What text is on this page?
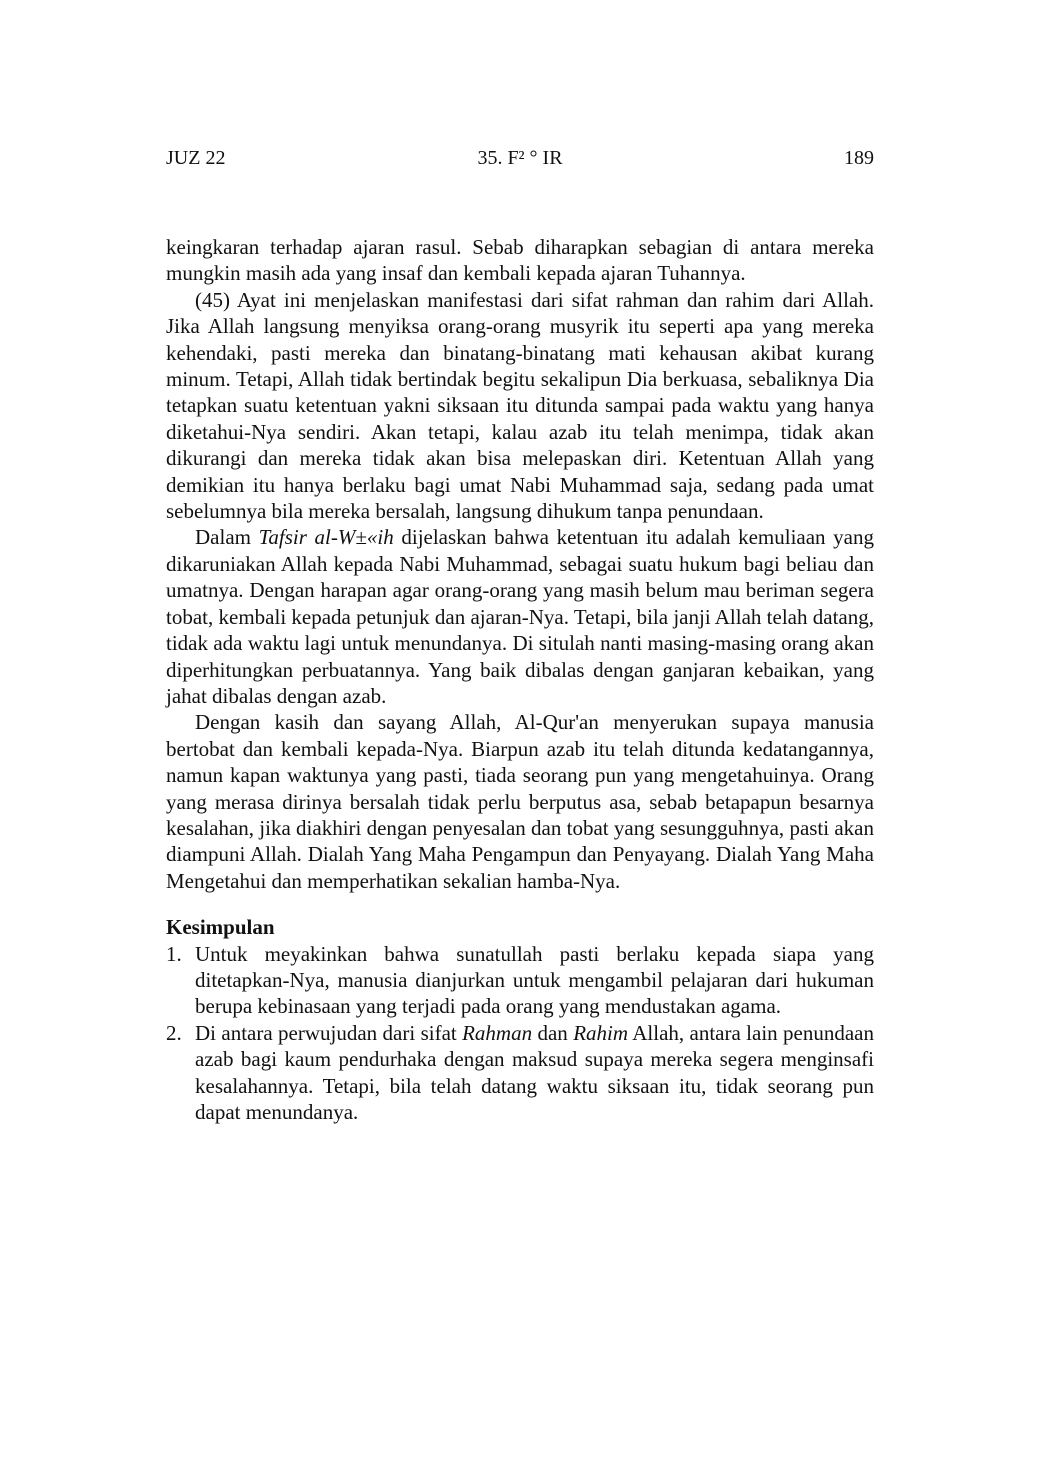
JUZ 22	35. F² ° IR	189

keingkaran terhadap ajaran rasul. Sebab diharapkan sebagian di antara mereka mungkin masih ada yang insaf dan kembali kepada ajaran Tuhannya.

(45) Ayat ini menjelaskan manifestasi dari sifat rahman dan rahim dari Allah. Jika Allah langsung menyiksa orang-orang musyrik itu seperti apa yang mereka kehendaki, pasti mereka dan binatang-binatang mati kehausan akibat kurang minum. Tetapi, Allah tidak bertindak begitu sekalipun Dia berkuasa, sebaliknya Dia tetapkan suatu ketentuan yakni siksaan itu ditunda sampai pada waktu yang hanya diketahui-Nya sendiri. Akan tetapi, kalau azab itu telah menimpa, tidak akan dikurangi dan mereka tidak akan bisa melepaskan diri. Ketentuan Allah yang demikian itu hanya berlaku bagi umat Nabi Muhammad saja, sedang pada umat sebelumnya bila mereka bersalah, langsung dihukum tanpa penundaan.

Dalam Tafsir al-W±«ih dijelaskan bahwa ketentuan itu adalah kemuliaan yang dikaruniakan Allah kepada Nabi Muhammad, sebagai suatu hukum bagi beliau dan umatnya. Dengan harapan agar orang-orang yang masih belum mau beriman segera tobat, kembali kepada petunjuk dan ajaran-Nya. Tetapi, bila janji Allah telah datang, tidak ada waktu lagi untuk menundanya. Di situlah nanti masing-masing orang akan diperhitungkan perbuatannya. Yang baik dibalas dengan ganjaran kebaikan, yang jahat dibalas dengan azab.

Dengan kasih dan sayang Allah, Al-Qur'an menyerukan supaya manusia bertobat dan kembali kepada-Nya. Biarpun azab itu telah ditunda kedatangannya, namun kapan waktunya yang pasti, tiada seorang pun yang mengetahuinya. Orang yang merasa dirinya bersalah tidak perlu berputus asa, sebab betapapun besarnya kesalahan, jika diakhiri dengan penyesalan dan tobat yang sesungguhnya, pasti akan diampuni Allah. Dialah Yang Maha Pengampun dan Penyayang. Dialah Yang Maha Mengetahui dan memperhatikan sekalian hamba-Nya.

Kesimpulan
1. Untuk meyakinkan bahwa sunatullah pasti berlaku kepada siapa yang ditetapkan-Nya, manusia dianjurkan untuk mengambil pelajaran dari hukuman berupa kebinasaan yang terjadi pada orang yang mendustakan agama.
2. Di antara perwujudan dari sifat Rahman dan Rahim Allah, antara lain penundaan azab bagi kaum pendurhaka dengan maksud supaya mereka segera menginsafi kesalahannya. Tetapi, bila telah datang waktu siksaan itu, tidak seorang pun dapat menundanya.
